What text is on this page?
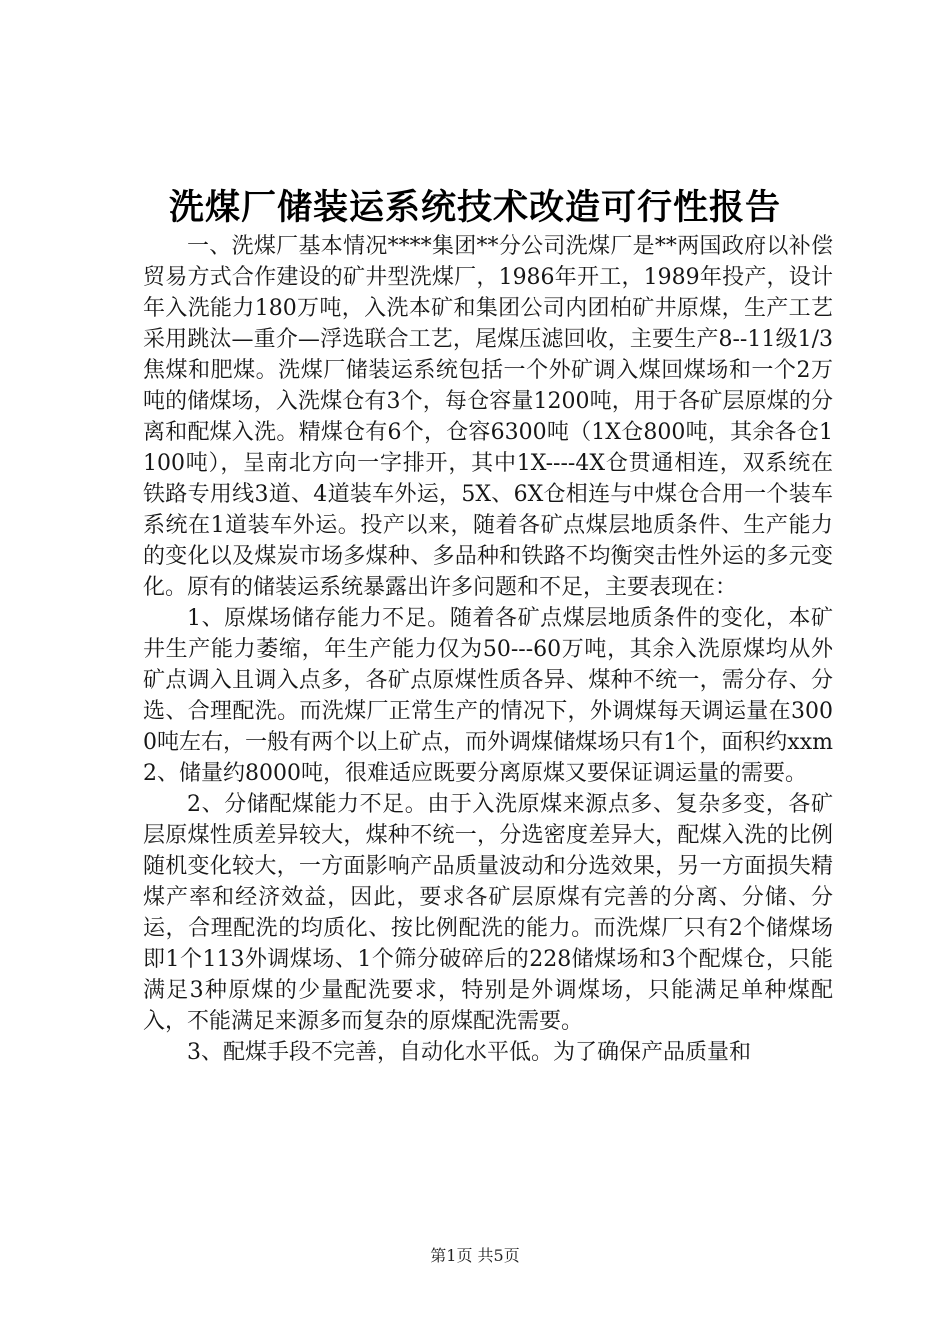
洗煤厂储装运系统技术改造可行性报告

一、洗煤厂基本情况****集团**分公司洗煤厂是**两国政府以补偿贸易方式合作建设的矿井型洗煤厂，1986年开工，1989年投产，设计年入洗能力180万吨，入洗本矿和集团公司内团柏矿井原煤，生产工艺采用跳汰—重介—浮选联合工艺，尾煤压滤回收，主要生产8--11级1/3焦煤和肥煤。洗煤厂储装运系统包括一个外矿调入煤回煤场和一个2万吨的储煤场，入洗煤仓有3个，每仓容量1200吨，用于各矿层原煤的分离和配煤入洗。精煤仓有6个，仓容6300吨（1X仓800吨，其余各仓1100吨），呈南北方向一字排开，其中1X----4X仓贯通相连，双系统在铁路专用线3道、4道装车外运，5X、6X仓相连与中煤仓合用一个装车系统在1道装车外运。投产以来，随着各矿点煤层地质条件、生产能力的变化以及煤炭市场多煤种、多品种和铁路不均衡突击性外运的多元变化。原有的储装运系统暴露出许多问题和不足，主要表现在：

1、原煤场储存能力不足。随着各矿点煤层地质条件的变化，本矿井生产能力萎缩，年生产能力仅为50---60万吨，其余入洗原煤均从外矿点调入且调入点多，各矿点原煤性质各异、煤种不统一，需分存、分选、合理配洗。而洗煤厂正常生产的情况下，外调煤每天调运量在3000吨左右，一般有两个以上矿点，而外调煤储煤场只有1个，面积约xxm2、储量约8000吨，很难适应既要分离原煤又要保证调运量的需要。

2、分储配煤能力不足。由于入洗原煤来源点多、复杂多变，各矿层原煤性质差异较大，煤种不统一，分选密度差异大，配煤入洗的比例随机变化较大，一方面影响产品质量波动和分选效果，另一方面损失精煤产率和经济效益，因此，要求各矿层原煤有完善的分离、分储、分运，合理配洗的均质化、按比例配洗的能力。而洗煤厂只有2个储煤场即1个113外调煤场、1个筛分破碎后的228储煤场和3个配煤仓，只能满足3种原煤的少量配洗要求，特别是外调煤场，只能满足单种煤配入，不能满足来源多而复杂的原煤配洗需要。

3、配煤手段不完善，自动化水平低。为了确保产品质量和

第1页 共5页
